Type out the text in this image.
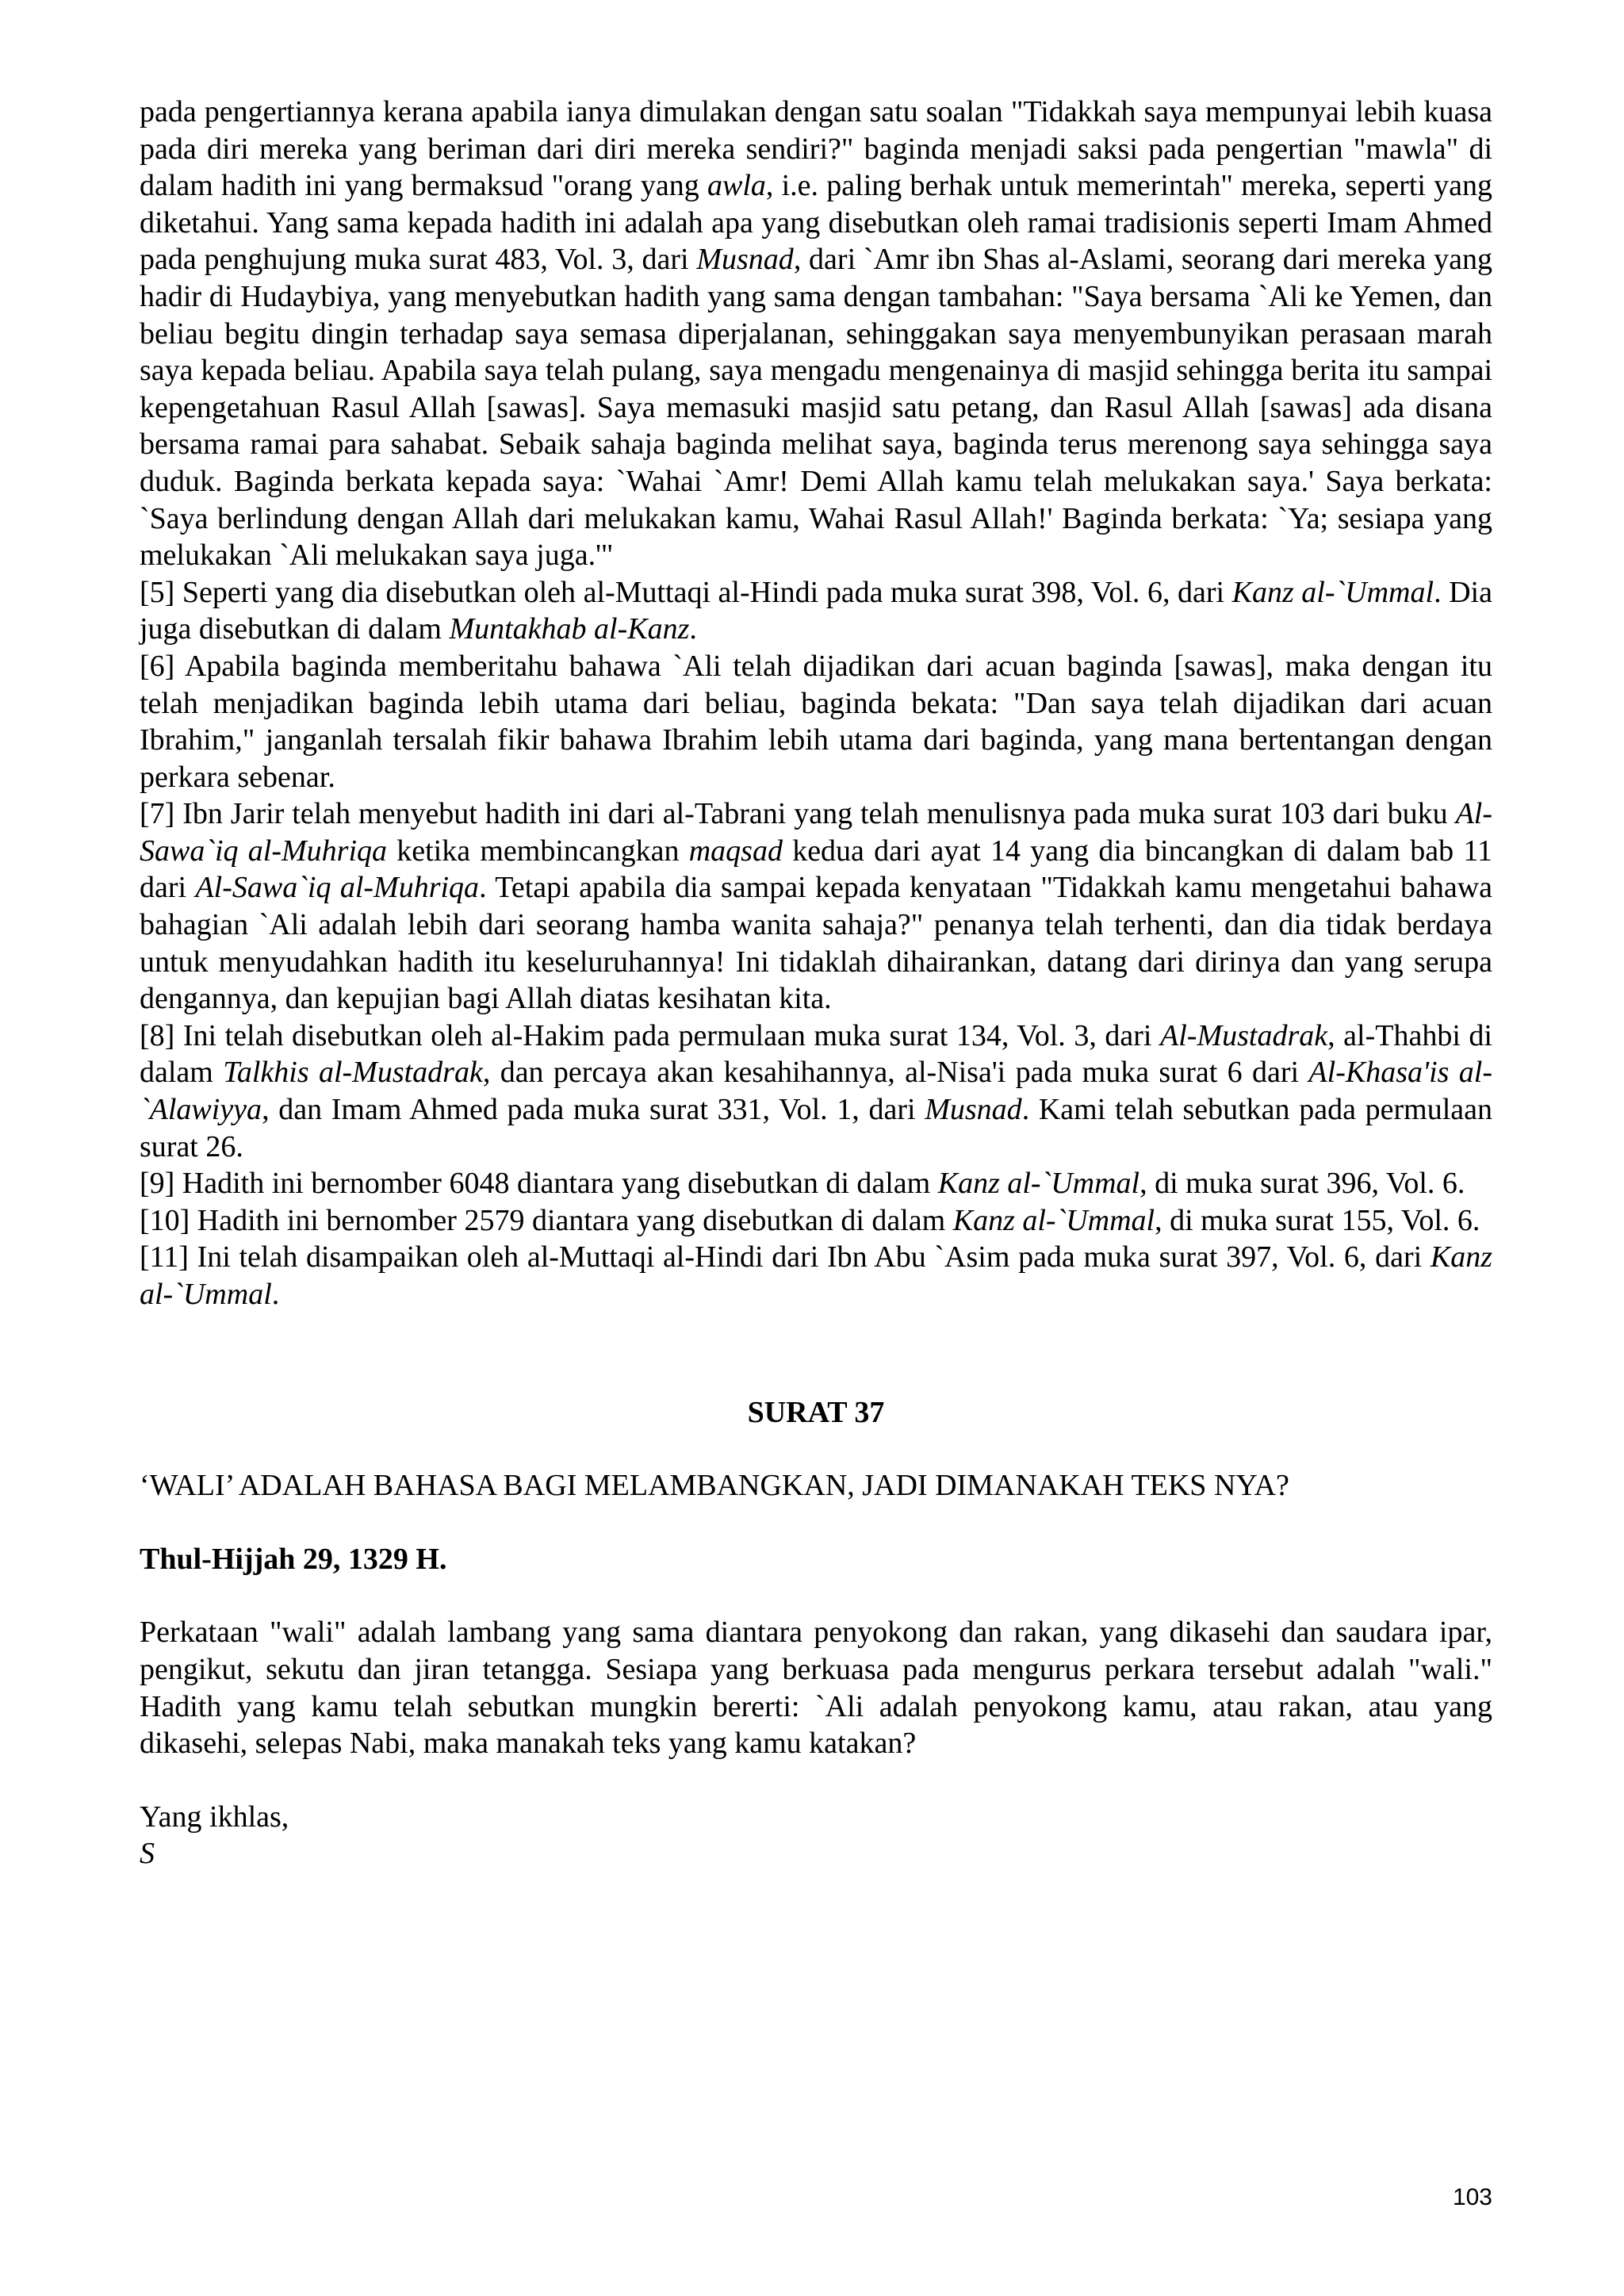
pada pengertiannya kerana apabila ianya dimulakan dengan satu soalan "Tidakkah saya mempunyai lebih kuasa pada diri mereka yang beriman dari diri mereka sendiri?" baginda menjadi saksi pada pengertian "mawla" di dalam hadith ini yang bermaksud "orang yang awla, i.e. paling berhak untuk memerintah" mereka, seperti yang diketahui. Yang sama kepada hadith ini adalah apa yang disebutkan oleh ramai tradisionis seperti Imam Ahmed pada penghujung muka surat 483, Vol. 3, dari Musnad, dari `Amr ibn Shas al-Aslami, seorang dari mereka yang hadir di Hudaybiya, yang menyebutkan hadith yang sama dengan tambahan: "Saya bersama `Ali ke Yemen, dan beliau begitu dingin terhadap saya semasa diperjalanan, sehinggakan saya menyembunyikan perasaan marah saya kepada beliau. Apabila saya telah pulang, saya mengadu mengenainya di masjid sehingga berita itu sampai kepengetahuan Rasul Allah [sawas]. Saya memasuki masjid satu petang, dan Rasul Allah [sawas] ada disana bersama ramai para sahabat. Sebaik sahaja baginda melihat saya, baginda terus merenong saya sehingga saya duduk. Baginda berkata kepada saya: `Wahai `Amr! Demi Allah kamu telah melukakan saya.' Saya berkata: `Saya berlindung dengan Allah dari melukakan kamu, Wahai Rasul Allah!' Baginda berkata: `Ya; sesiapa yang melukakan `Ali melukakan saya juga.'"

[5] Seperti yang dia disebutkan oleh al-Muttaqi al-Hindi pada muka surat 398, Vol. 6, dari Kanz al-`Ummal. Dia juga disebutkan di dalam Muntakhab al-Kanz.

[6] Apabila baginda memberitahu bahawa `Ali telah dijadikan dari acuan baginda [sawas], maka dengan itu telah menjadikan baginda lebih utama dari beliau, baginda bekata: "Dan saya telah dijadikan dari acuan Ibrahim," janganlah tersalah fikir bahawa Ibrahim lebih utama dari baginda, yang mana bertentangan dengan perkara sebenar.

[7] Ibn Jarir telah menyebut hadith ini dari al-Tabrani yang telah menulisnya pada muka surat 103 dari buku Al-Sawa`iq al-Muhriqa ketika membincangkan maqsad kedua dari ayat 14 yang dia bincangkan di dalam bab 11 dari Al-Sawa`iq al-Muhriqa. Tetapi apabila dia sampai kepada kenyataan "Tidakkah kamu mengetahui bahawa bahagian `Ali adalah lebih dari seorang hamba wanita sahaja?" penanya telah terhenti, dan dia tidak berdaya untuk menyudahkan hadith itu keseluruhannya! Ini tidaklah dihairankan, datang dari dirinya dan yang serupa dengannya, dan kepujian bagi Allah diatas kesihatan kita.

[8] Ini telah disebutkan oleh al-Hakim pada permulaan muka surat 134, Vol. 3, dari Al-Mustadrak, al-Thahbi di dalam Talkhis al-Mustadrak, dan percaya akan kesahihannya, al-Nisa'i pada muka surat 6 dari Al-Khasa'is al-`Alawiyya, dan Imam Ahmed pada muka surat 331, Vol. 1, dari Musnad. Kami telah sebutkan pada permulaan surat 26.

[9] Hadith ini bernomber 6048 diantara yang disebutkan di dalam Kanz al-`Ummal, di muka surat 396, Vol. 6.

[10] Hadith ini bernomber 2579 diantara yang disebutkan di dalam Kanz al-`Ummal, di muka surat 155, Vol. 6.

[11] Ini telah disampaikan oleh al-Muttaqi al-Hindi dari Ibn Abu `Asim pada muka surat 397, Vol. 6, dari Kanz al-`Ummal.

SURAT 37

‘WALI’ ADALAH BAHASA BAGI MELAMBANGKAN, JADI DIMANAKAH TEKS NYA?

Thul-Hijjah 29, 1329 H.

Perkataan "wali" adalah lambang yang sama diantara penyokong dan rakan, yang dikasehi dan saudara ipar, pengikut, sekutu dan jiran tetangga. Sesiapa yang berkuasa pada mengurus perkara tersebut adalah "wali." Hadith yang kamu telah sebutkan mungkin bererti: `Ali adalah penyokong kamu, atau rakan, atau yang dikasehi, selepas Nabi, maka manakah teks yang kamu katakan?

Yang ikhlas,

S

103
